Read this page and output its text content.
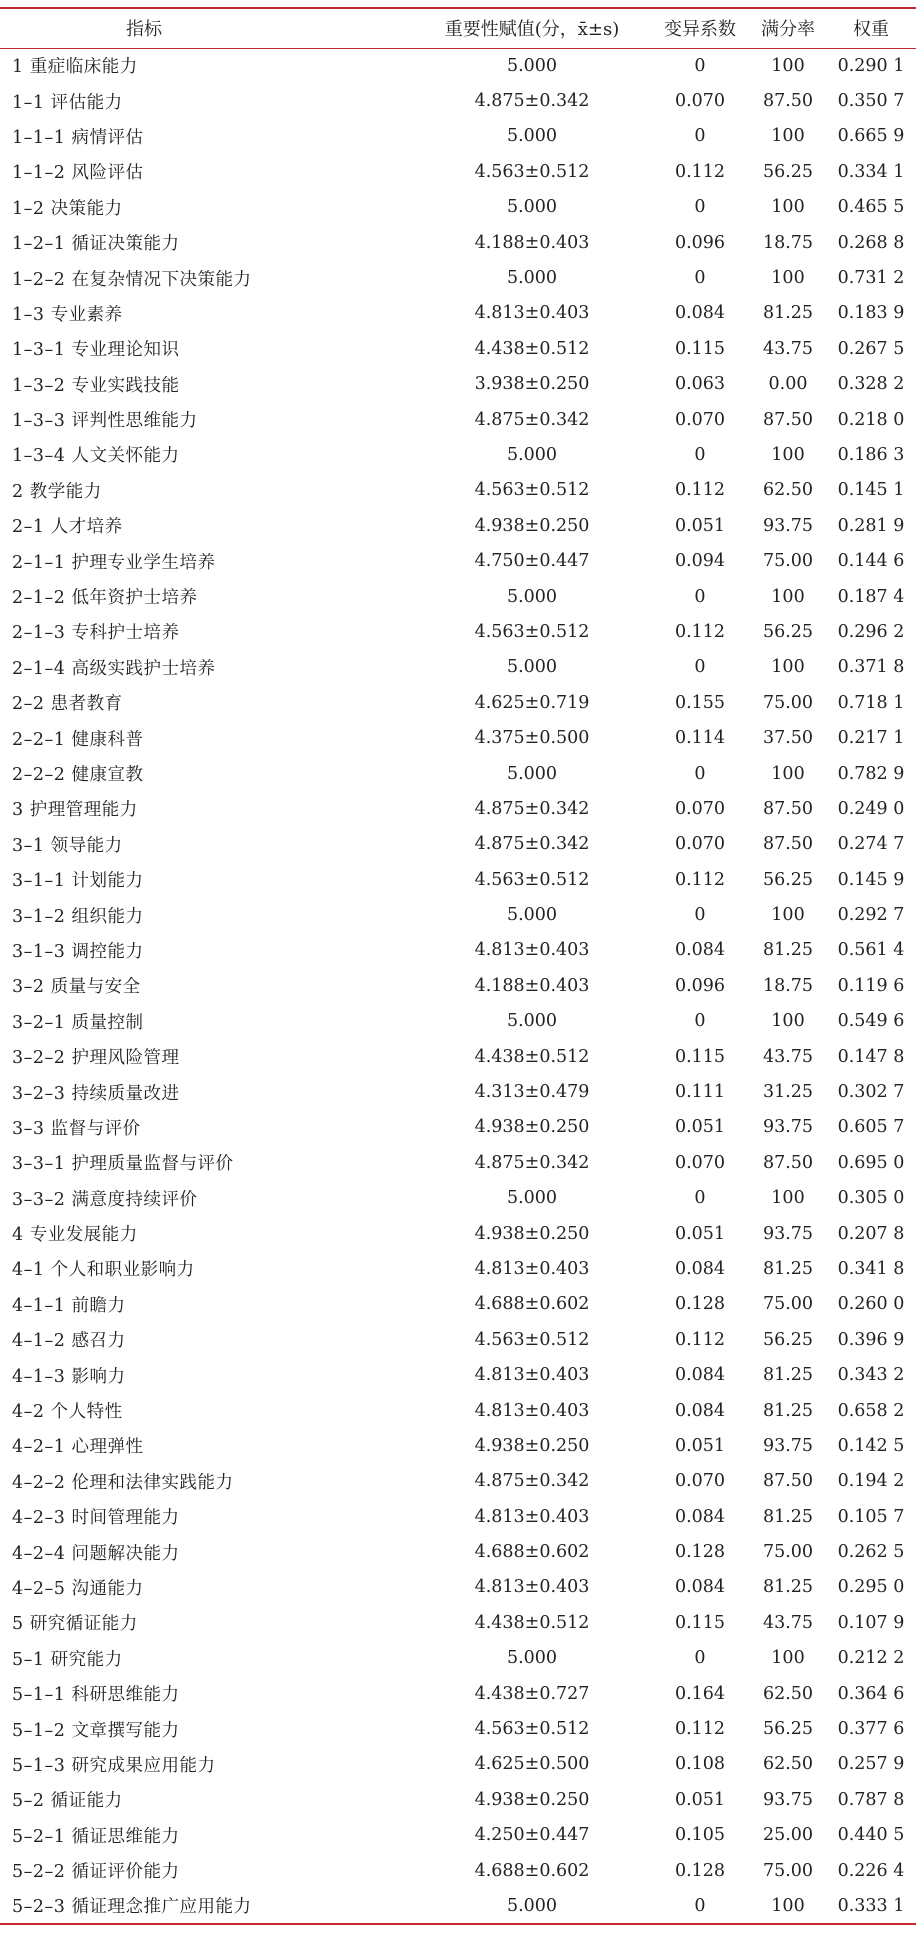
指标	重要性赋值(分，x̄±s)	变异系数	满分率	权重
1 重症临床能力	5.000	0	100	0.290 1
1–1 评估能力	4.875±0.342	0.070	87.50	0.350 7
1–1–1 病情评估	5.000	0	100	0.665 9
1–1–2 风险评估	4.563±0.512	0.112	56.25	0.334 1
1–2 决策能力	5.000	0	100	0.465 5
1–2–1 循证决策能力	4.188±0.403	0.096	18.75	0.268 8
1–2–2 在复杂情况下决策能力	5.000	0	100	0.731 2
1–3 专业素养	4.813±0.403	0.084	81.25	0.183 9
1–3–1 专业理论知识	4.438±0.512	0.115	43.75	0.267 5
1–3–2 专业实践技能	3.938±0.250	0.063	0.00	0.328 2
1–3–3 评判性思维能力	4.875±0.342	0.070	87.50	0.218 0
1–3–4 人文关怀能力	5.000	0	100	0.186 3
2 教学能力	4.563±0.512	0.112	62.50	0.145 1
2–1 人才培养	4.938±0.250	0.051	93.75	0.281 9
2–1–1 护理专业学生培养	4.750±0.447	0.094	75.00	0.144 6
2–1–2 低年资护士培养	5.000	0	100	0.187 4
2–1–3 专科护士培养	4.563±0.512	0.112	56.25	0.296 2
2–1–4 高级实践护士培养	5.000	0	100	0.371 8
2–2 患者教育	4.625±0.719	0.155	75.00	0.718 1
2–2–1 健康科普	4.375±0.500	0.114	37.50	0.217 1
2–2–2 健康宣教	5.000	0	100	0.782 9
3 护理管理能力	4.875±0.342	0.070	87.50	0.249 0
3–1 领导能力	4.875±0.342	0.070	87.50	0.274 7
3–1–1 计划能力	4.563±0.512	0.112	56.25	0.145 9
3–1–2 组织能力	5.000	0	100	0.292 7
3–1–3 调控能力	4.813±0.403	0.084	81.25	0.561 4
3–2 质量与安全	4.188±0.403	0.096	18.75	0.119 6
3–2–1 质量控制	5.000	0	100	0.549 6
3–2–2 护理风险管理	4.438±0.512	0.115	43.75	0.147 8
3–2–3 持续质量改进	4.313±0.479	0.111	31.25	0.302 7
3–3 监督与评价	4.938±0.250	0.051	93.75	0.605 7
3–3–1 护理质量监督与评价	4.875±0.342	0.070	87.50	0.695 0
3–3–2 满意度持续评价	5.000	0	100	0.305 0
4 专业发展能力	4.938±0.250	0.051	93.75	0.207 8
4–1 个人和职业影响力	4.813±0.403	0.084	81.25	0.341 8
4–1–1 前瞻力	4.688±0.602	0.128	75.00	0.260 0
4–1–2 感召力	4.563±0.512	0.112	56.25	0.396 9
4–1–3 影响力	4.813±0.403	0.084	81.25	0.343 2
4–2 个人特性	4.813±0.403	0.084	81.25	0.658 2
4–2–1 心理弹性	4.938±0.250	0.051	93.75	0.142 5
4–2–2 伦理和法律实践能力	4.875±0.342	0.070	87.50	0.194 2
4–2–3 时间管理能力	4.813±0.403	0.084	81.25	0.105 7
4–2–4 问题解决能力	4.688±0.602	0.128	75.00	0.262 5
4–2–5 沟通能力	4.813±0.403	0.084	81.25	0.295 0
5 研究循证能力	4.438±0.512	0.115	43.75	0.107 9
5–1 研究能力	5.000	0	100	0.212 2
5–1–1 科研思维能力	4.438±0.727	0.164	62.50	0.364 6
5–1–2 文章撰写能力	4.563±0.512	0.112	56.25	0.377 6
5–1–3 研究成果应用能力	4.625±0.500	0.108	62.50	0.257 9
5–2 循证能力	4.938±0.250	0.051	93.75	0.787 8
5–2–1 循证思维能力	4.250±0.447	0.105	25.00	0.440 5
5–2–2 循证评价能力	4.688±0.602	0.128	75.00	0.226 4
5–2–3 循证理念推广应用能力	5.000	0	100	0.333 1
